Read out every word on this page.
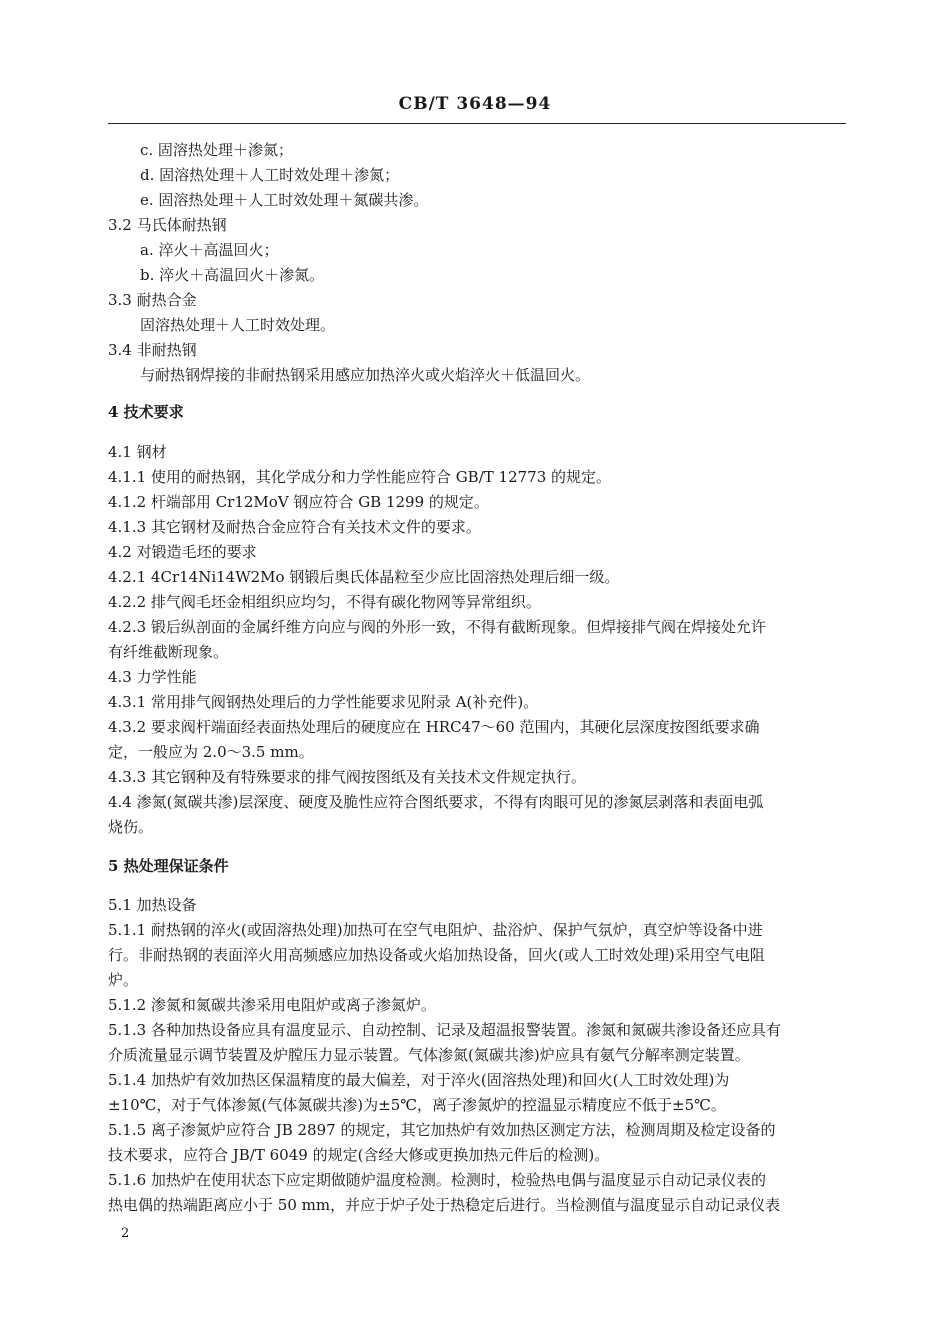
CB/T 3648—94
c. 固溶热处理＋渗氮；
d. 固溶热处理＋人工时效处理＋渗氮；
e. 固溶热处理＋人工时效处理＋氮碳共渗。
3.2 马氏体耐热钢
a. 淬火＋高温回火；
b. 淬火＋高温回火＋渗氮。
3.3 耐热合金
固溶热处理＋人工时效处理。
3.4 非耐热钢
与耐热钢焊接的非耐热钢采用感应加热淬火或火焰淬火＋低温回火。
4 技术要求
4.1 钢材
4.1.1 使用的耐热钢，其化学成分和力学性能应符合 GB/T 12773 的规定。
4.1.2 杆端部用 Cr12MoV 钢应符合 GB 1299 的规定。
4.1.3 其它钢材及耐热合金应符合有关技术文件的要求。
4.2 对锻造毛坯的要求
4.2.1 4Cr14Ni14W2Mo 钢锻后奥氏体晶粒至少应比固溶热处理后细一级。
4.2.2 排气阀毛坯金相组织应均匀，不得有碳化物网等异常组织。
4.2.3 锻后纵剖面的金属纤维方向应与阀的外形一致，不得有截断现象。但焊接排气阀在焊接处允许
有纤维截断现象。
4.3 力学性能
4.3.1 常用排气阀钢热处理后的力学性能要求见附录 A(补充件)。
4.3.2 要求阀杆端面经表面热处理后的硬度应在 HRC47～60 范围内，其硬化层深度按图纸要求确
定，一般应为 2.0～3.5 mm。
4.3.3 其它钢种及有特殊要求的排气阀按图纸及有关技术文件规定执行。
4.4 渗氮(氮碳共渗)层深度、硬度及脆性应符合图纸要求，不得有肉眼可见的渗氮层剥落和表面电弧
烧伤。
5 热处理保证条件
5.1 加热设备
5.1.1 耐热钢的淬火(或固溶热处理)加热可在空气电阻炉、盐浴炉、保护气氛炉，真空炉等设备中进
行。非耐热钢的表面淬火用高频感应加热设备或火焰加热设备，回火(或人工时效处理)采用空气电阻
炉。
5.1.2 渗氮和氮碳共渗采用电阻炉或离子渗氮炉。
5.1.3 各种加热设备应具有温度显示、自动控制、记录及超温报警装置。渗氮和氮碳共渗设备还应具有
介质流量显示调节装置及炉膛压力显示装置。气体渗氮(氮碳共渗)炉应具有氨气分解率测定装置。
5.1.4 加热炉有效加热区保温精度的最大偏差，对于淬火(固溶热处理)和回火(人工时效处理)为
±10℃，对于气体渗氮(气体氮碳共渗)为±5℃，离子渗氮炉的控温显示精度应不低于±5℃。
5.1.5 离子渗氮炉应符合 JB 2897 的规定，其它加热炉有效加热区测定方法，检测周期及检定设备的
技术要求，应符合 JB/T 6049 的规定(含经大修或更换加热元件后的检测)。
5.1.6 加热炉在使用状态下应定期做随炉温度检测。检测时，检验热电偶与温度显示自动记录仪表的
热电偶的热端距离应小于 50 mm，并应于炉子处于热稳定后进行。当检测值与温度显示自动记录仪表
2
